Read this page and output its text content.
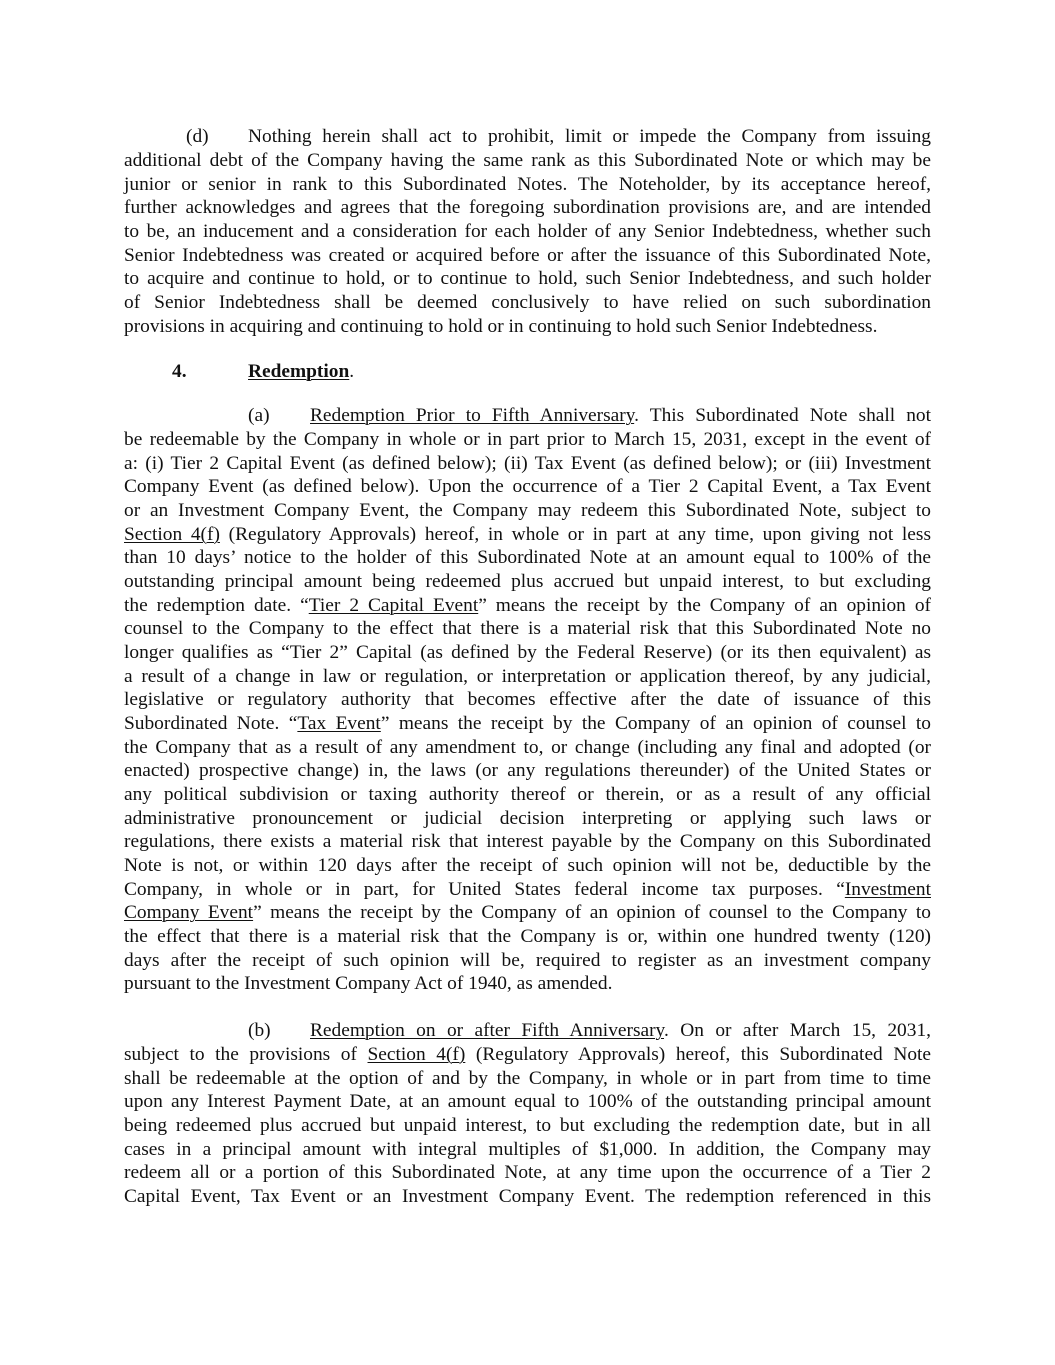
(d) Nothing herein shall act to prohibit, limit or impede the Company from issuing
additional debt of the Company having the same rank as this Subordinated Note or which may be
junior or senior in rank to this Subordinated Notes. The Noteholder, by its acceptance hereof,
further acknowledges and agrees that the foregoing subordination provisions are, and are intended
to be, an inducement and a consideration for each holder of any Senior Indebtedness, whether such
Senior Indebtedness was created or acquired before or after the issuance of this Subordinated Note,
to acquire and continue to hold, or to continue to hold, such Senior Indebtedness, and such holder
of Senior Indebtedness shall be deemed conclusively to have relied on such subordination
provisions in acquiring and continuing to hold or in continuing to hold such Senior Indebtedness.
4.	Redemption.
(a) Redemption Prior to Fifth Anniversary. This Subordinated Note shall not
be redeemable by the Company in whole or in part prior to March 15, 2031, except in the event of
a: (i) Tier 2 Capital Event (as defined below); (ii) Tax Event (as defined below); or (iii) Investment
Company Event (as defined below). Upon the occurrence of a Tier 2 Capital Event, a Tax Event
or an Investment Company Event, the Company may redeem this Subordinated Note, subject to
Section 4(f) (Regulatory Approvals) hereof, in whole or in part at any time, upon giving not less
than 10 days’ notice to the holder of this Subordinated Note at an amount equal to 100% of the
outstanding principal amount being redeemed plus accrued but unpaid interest, to but excluding
the redemption date. “Tier 2 Capital Event” means the receipt by the Company of an opinion of
counsel to the Company to the effect that there is a material risk that this Subordinated Note no
longer qualifies as “Tier 2” Capital (as defined by the Federal Reserve) (or its then equivalent) as
a result of a change in law or regulation, or interpretation or application thereof, by any judicial,
legislative or regulatory authority that becomes effective after the date of issuance of this
Subordinated Note. “Tax Event” means the receipt by the Company of an opinion of counsel to
the Company that as a result of any amendment to, or change (including any final and adopted (or
enacted) prospective change) in, the laws (or any regulations thereunder) of the United States or
any political subdivision or taxing authority thereof or therein, or as a result of any official
administrative pronouncement or judicial decision interpreting or applying such laws or
regulations, there exists a material risk that interest payable by the Company on this Subordinated
Note is not, or within 120 days after the receipt of such opinion will not be, deductible by the
Company, in whole or in part, for United States federal income tax purposes. “Investment
Company Event” means the receipt by the Company of an opinion of counsel to the Company to
the effect that there is a material risk that the Company is or, within one hundred twenty (120)
days after the receipt of such opinion will be, required to register as an investment company
pursuant to the Investment Company Act of 1940, as amended.
(b) Redemption on or after Fifth Anniversary. On or after March 15, 2031,
subject to the provisions of Section 4(f) (Regulatory Approvals) hereof, this Subordinated Note
shall be redeemable at the option of and by the Company, in whole or in part from time to time
upon any Interest Payment Date, at an amount equal to 100% of the outstanding principal amount
being redeemed plus accrued but unpaid interest, to but excluding the redemption date, but in all
cases in a principal amount with integral multiples of $1,000. In addition, the Company may
redeem all or a portion of this Subordinated Note, at any time upon the occurrence of a Tier 2
Capital Event, Tax Event or an Investment Company Event. The redemption referenced in this
